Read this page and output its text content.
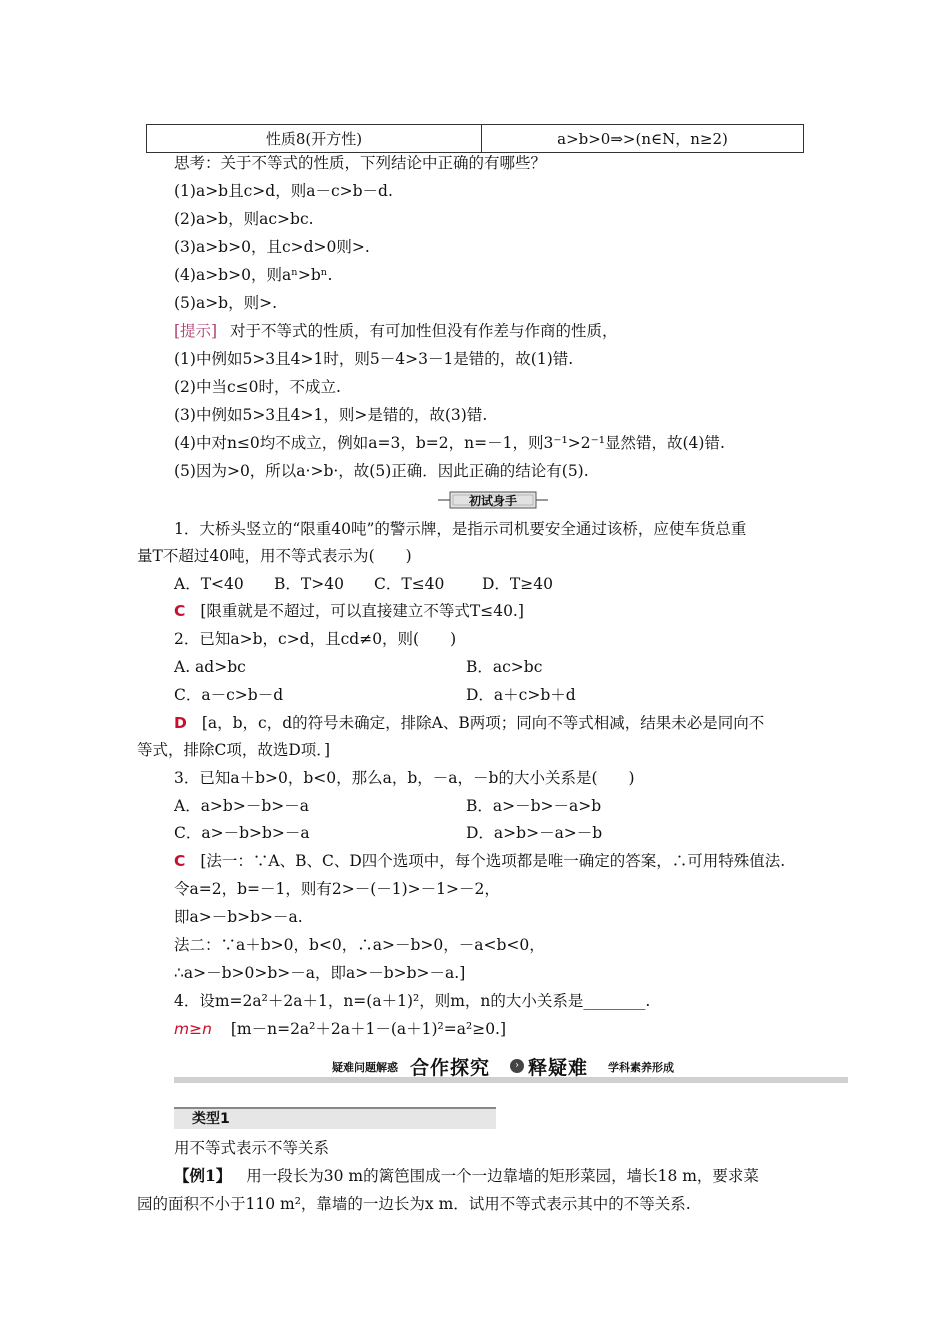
性质8(开方性)	a>b>0⇒>(n∈N，n≥2)
思考：关于不等式的性质，下列结论中正确的有哪些？
(1)a>b且c>d，则a－c>b－d.
(2)a>b，则ac>bc.
(3)a>b>0，且c>d>0则>.
(4)a>b>0，则aⁿ>bⁿ.
(5)a>b，则>.
[提示] 对于不等式的性质，有可加性但没有作差与作商的性质，
(1)中例如5>3且4>1时，则5－4>3－1是错的，故(1)错.
(2)中当c≤0时，不成立.
(3)中例如5>3且4>1，则>是错的，故(3)错.
(4)中对n≤0均不成立，例如a=3，b=2，n=－1，则3⁻¹>2⁻¹显然错，故(4)错.
(5)因为>0，所以a·>b·，故(5)正确．因此正确的结论有(5).
初试身手
1．大桥头竖立的“限重40吨”的警示牌，是指示司机要安全通过该桥，应使车货总重
量T不超过40吨，用不等式表示为(　　)
A．T<40 B．T>40 C．T≤40 D．T≥40
C [限重就是不超过，可以直接建立不等式T≤40.]
2．已知a>b，c>d，且cd≠0，则(　　)
A. ad>bc	B．ac>bc
C．a－c>b－d	D．a＋c>b＋d
D [a，b，c，d的符号未确定，排除A、B两项；同向不等式相减，结果未必是同向不
等式，排除C项，故选D项．]
3．已知a＋b>0，b<0，那么a，b，－a，－b的大小关系是(　　)
A．a>b>－b>－a	B．a>－b>－a>b
C．a>－b>b>－a	D．a>b>－a>－b
C [法一：∵A、B、C、D四个选项中，每个选项都是唯一确定的答案，∴可用特殊值法.
令a=2，b=－1，则有2>－(－1)>－1>－2，
即a>－b>b>－a.
法二：∵a＋b>0，b<0，∴a>－b>0，－a<b<0，
∴a>－b>0>b>－a，即a>－b>b>－a.]
4．设m=2a²＋2a＋1，n=(a＋1)²，则m，n的大小关系是________.
m≥n [m－n=2a²＋2a＋1－(a＋1)²=a²≥0.]
疑难问题解惑 合作探究	› 释疑难 学科素养形成
类型1
用不等式表示不等关系
【例1】 用一段长为30 m的篱笆围成一个一边靠墙的矩形菜园，墙长18 m，要求菜
园的面积不小于110 m²，靠墙的一边长为x m．试用不等式表示其中的不等关系.
